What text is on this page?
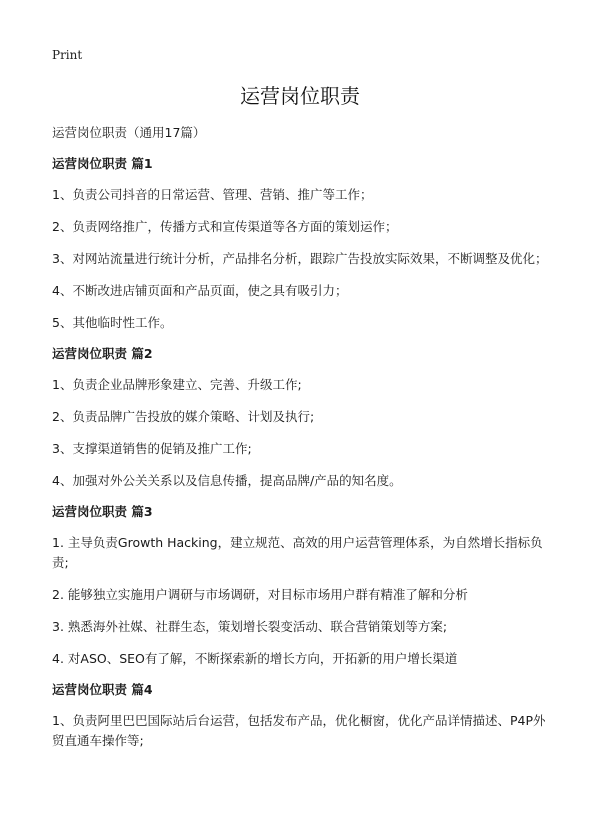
Print
运营岗位职责
运营岗位职责（通用17篇）
运营岗位职责 篇1
1、负责公司抖音的日常运营、管理、营销、推广等工作；
2、负责网络推广，传播方式和宣传渠道等各方面的策划运作；
3、对网站流量进行统计分析，产品排名分析，跟踪广告投放实际效果，不断调整及优化；
4、不断改进店铺页面和产品页面，使之具有吸引力；
5、其他临时性工作。
运营岗位职责 篇2
1、负责企业品牌形象建立、完善、升级工作;
2、负责品牌广告投放的媒介策略、计划及执行;
3、支撑渠道销售的促销及推广工作;
4、加强对外公关关系以及信息传播，提高品牌/产品的知名度。
运营岗位职责 篇3
1. 主导负责Growth Hacking，建立规范、高效的用户运营管理体系，为自然增长指标负责;
2. 能够独立实施用户调研与市场调研，对目标市场用户群有精准了解和分析
3. 熟悉海外社媒、社群生态，策划增长裂变活动、联合营销策划等方案;
4. 对ASO、SEO有了解，不断探索新的增长方向，开拓新的用户增长渠道
运营岗位职责 篇4
1、负责阿里巴巴国际站后台运营，包括发布产品，优化橱窗，优化产品详情描述、P4P外贸直通车操作等;
